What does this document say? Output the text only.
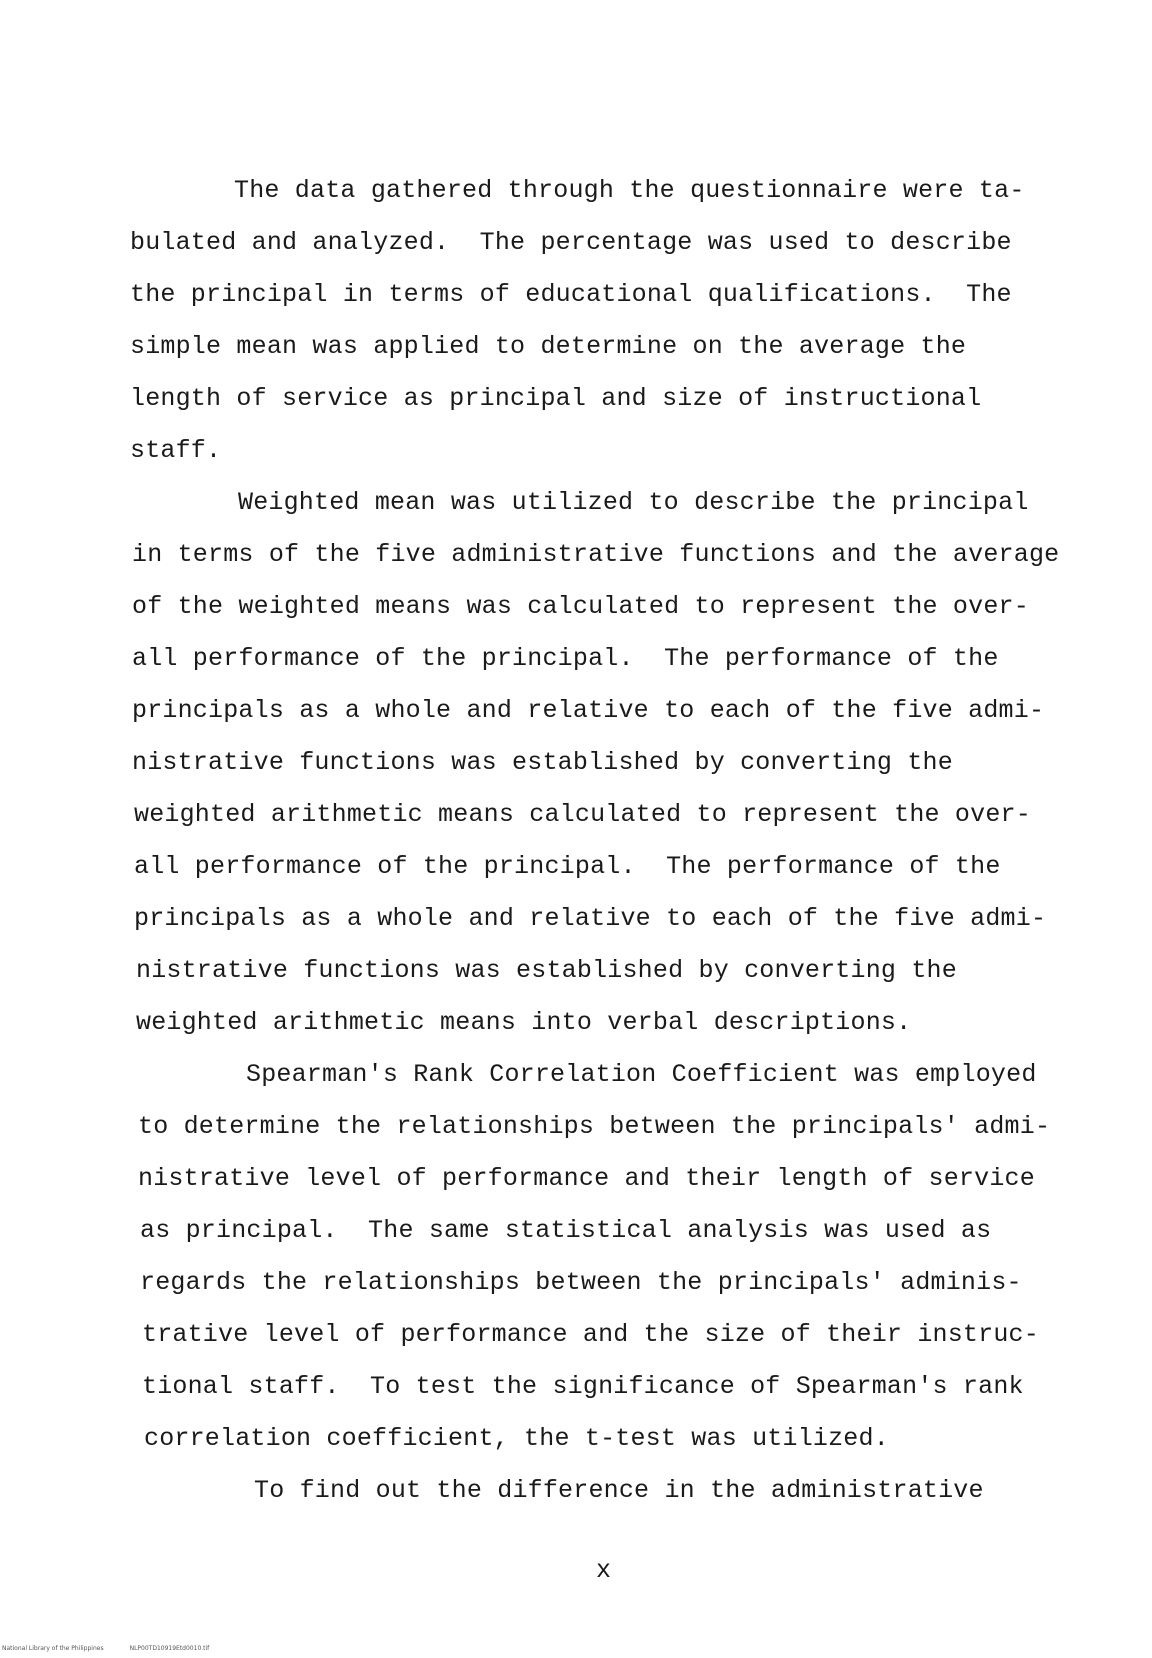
The data gathered through the questionnaire were ta-
bulated and analyzed.  The percentage was used to describe
the principal in terms of educational qualifications.  The
simple mean was applied to determine on the average the
length of service as principal and size of instructional
staff.
Weighted mean was utilized to describe the principal
in terms of the five administrative functions and the average
of the weighted means was calculated to represent the over-
all performance of the principal.  The performance of the
principals as a whole and relative to each of the five admi-
nistrative functions was established by converting the
weighted arithmetic means calculated to represent the over-
all performance of the principal.  The performance of the
principals as a whole and relative to each of the five admi-
nistrative functions was established by converting the
weighted arithmetic means into verbal descriptions.
Spearman's Rank Correlation Coefficient was employed
to determine the relationships between the principals' admi-
nistrative level of performance and their length of service
as principal.  The same statistical analysis was used as
regards the relationships between the principals' adminis-
trative level of performance and the size of their instruc-
tional staff.  To test the significance of Spearman's rank
correlation coefficient, the t-test was utilized.
To find out the difference in the administrative
x
National Library of the Philippines	NLP00TD10919Etd0010.tif
